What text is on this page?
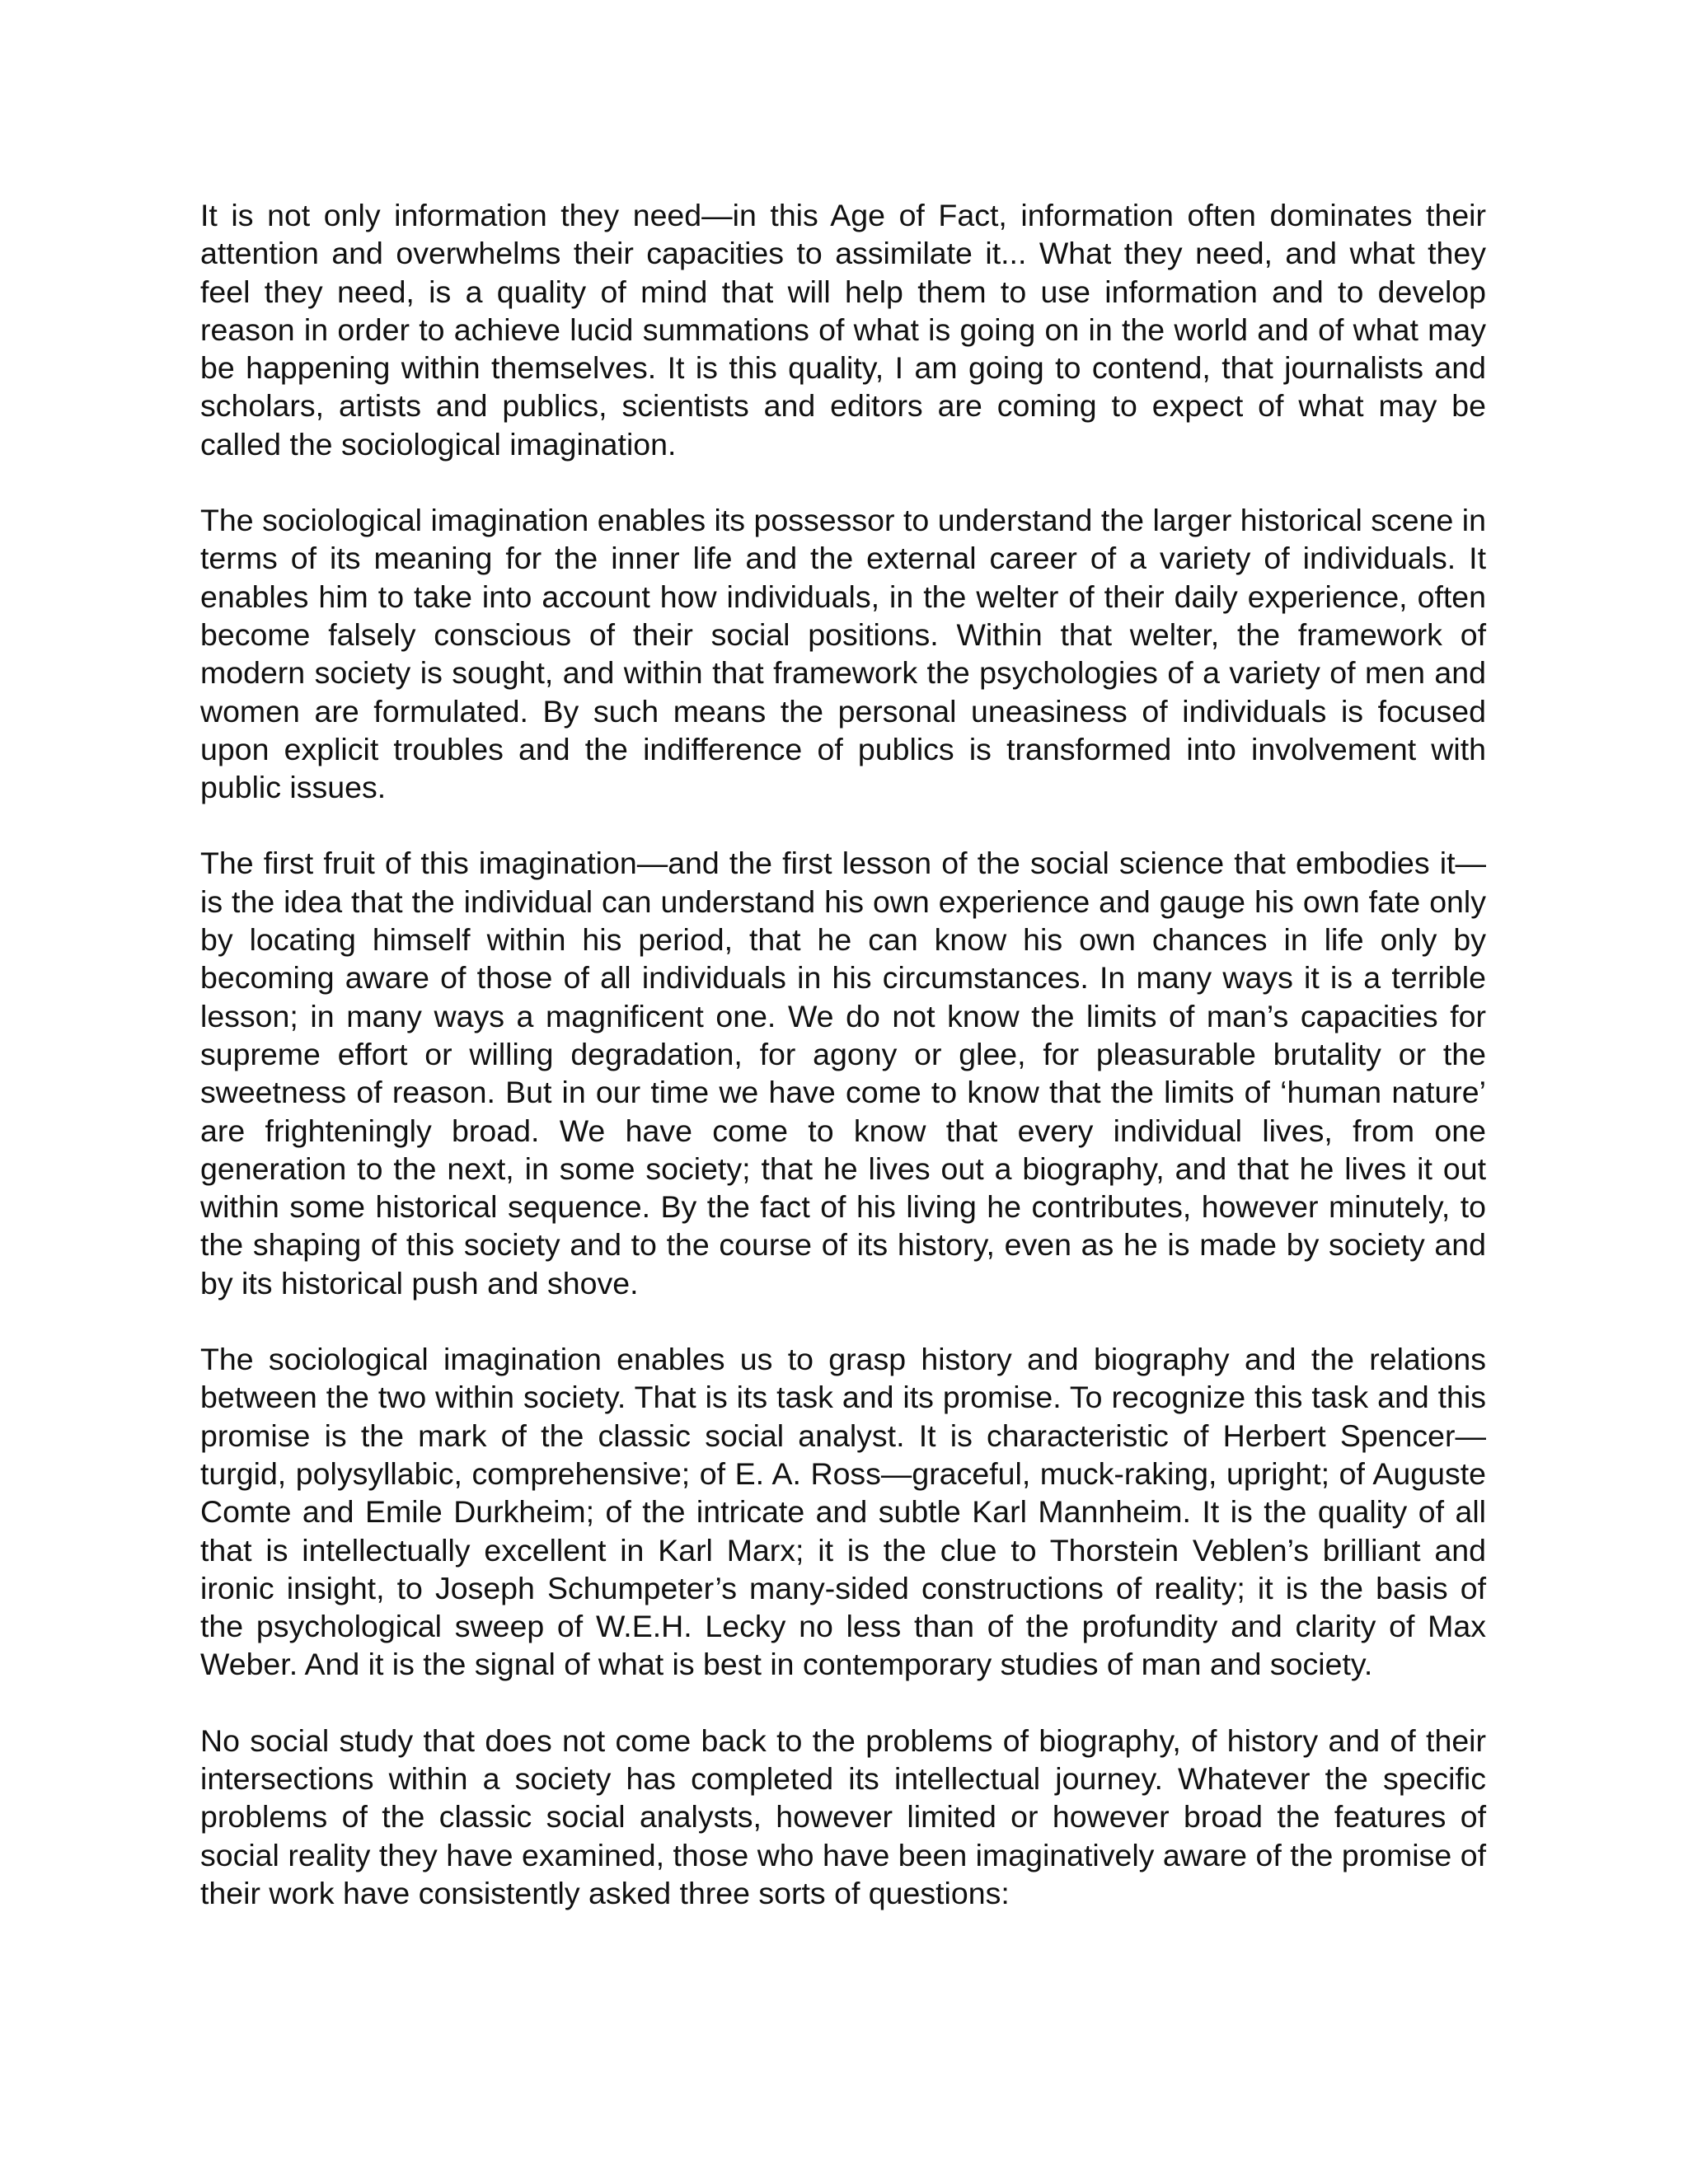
It is not only information they need—in this Age of Fact, information often dominates their attention and overwhelms their capacities to assimilate it... What they need, and what they feel they need, is a quality of mind that will help them to use information and to develop reason in order to achieve lucid summations of what is going on in the world and of what may be happening within themselves. It is this quality, I am going to contend, that journalists and scholars, artists and publics, scientists and editors are coming to expect of what may be called the sociological imagination.

The sociological imagination enables its possessor to understand the larger historical scene in terms of its meaning for the inner life and the external career of a variety of individuals. It enables him to take into account how individuals, in the welter of their daily experience, often become falsely conscious of their social positions. Within that welter, the framework of modern society is sought, and within that framework the psychologies of a variety of men and women are formulated. By such means the personal uneasiness of individuals is focused upon explicit troubles and the indifference of publics is transformed into involvement with public issues.

The first fruit of this imagination—and the first lesson of the social science that embodies it—is the idea that the individual can understand his own experience and gauge his own fate only by locating himself within his period, that he can know his own chances in life only by becoming aware of those of all individuals in his circumstances. In many ways it is a terrible lesson; in many ways a magnificent one. We do not know the limits of man’s capacities for supreme effort or willing degradation, for agony or glee, for pleasurable brutality or the sweetness of reason. But in our time we have come to know that the limits of ‘human nature’ are frighteningly broad. We have come to know that every individual lives, from one generation to the next, in some society; that he lives out a biography, and that he lives it out within some historical sequence. By the fact of his living he contributes, however minutely, to the shaping of this society and to the course of its history, even as he is made by society and by its historical push and shove.

The sociological imagination enables us to grasp history and biography and the relations between the two within society. That is its task and its promise. To recognize this task and this promise is the mark of the classic social analyst. It is characteristic of Herbert Spencer—turgid, polysyllabic, comprehensive; of E. A. Ross—graceful, muck-raking, upright; of Auguste Comte and Emile Durkheim; of the intricate and subtle Karl Mannheim. It is the quality of all that is intellectually excellent in Karl Marx; it is the clue to Thorstein Veblen’s brilliant and ironic insight, to Joseph Schumpeter’s many-sided constructions of reality; it is the basis of the psychological sweep of W.E.H. Lecky no less than of the profundity and clarity of Max Weber. And it is the signal of what is best in contemporary studies of man and society.

No social study that does not come back to the problems of biography, of history and of their intersections within a society has completed its intellectual journey. Whatever the specific problems of the classic social analysts, however limited or however broad the features of social reality they have examined, those who have been imaginatively aware of the promise of their work have consistently asked three sorts of questions:
